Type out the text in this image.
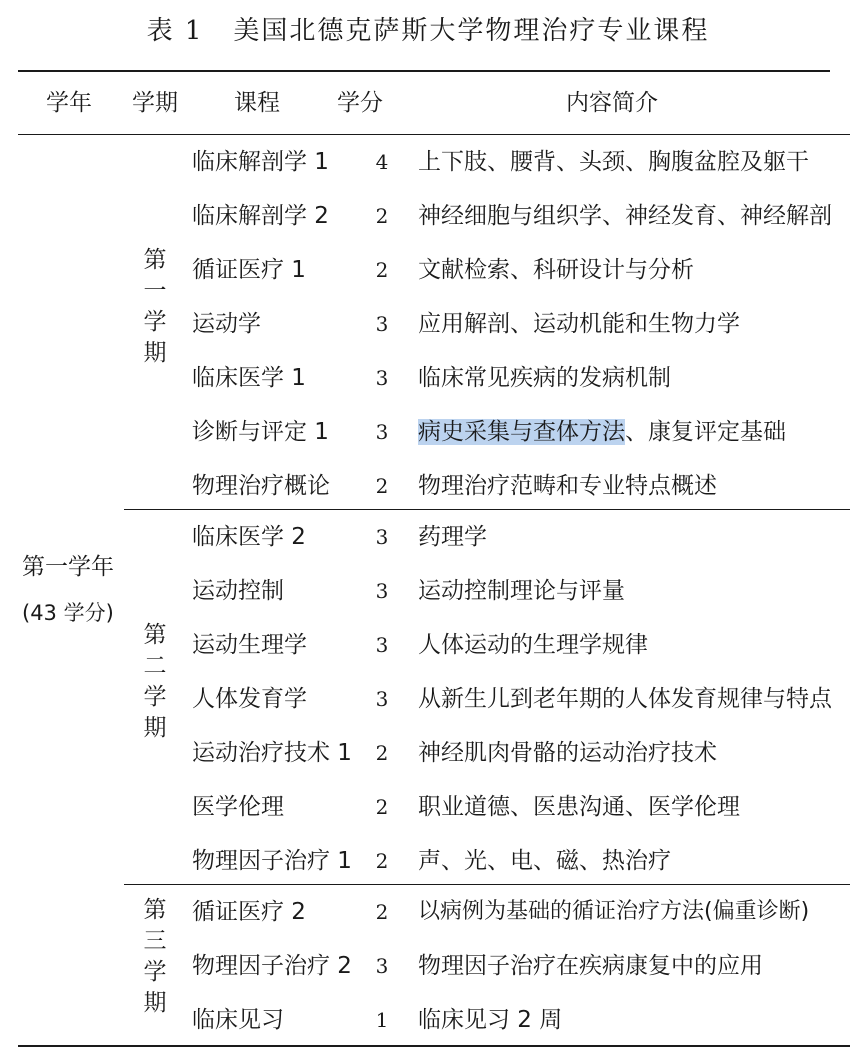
表 1 美国北德克萨斯大学物理治疗专业课程
学年 学期 课程 学分	内容简介
第一学年
(43 学分)
第
一
学
期
临床解剖学 1	4	上下肢、腰背、头颈、胸腹盆腔及躯干
临床解剖学 2	2	神经细胞与组织学、神经发育、神经解剖
循证医疗 1	2	文献检索、科研设计与分析
运动学	3	应用解剖、运动机能和生物力学
临床医学 1	3	临床常见疾病的发病机制
诊断与评定 1	3	病史采集与查体方法、康复评定基础
物理治疗概论	2	物理治疗范畴和专业特点概述
第
二
学
期
临床医学 2	3	药理学
运动控制	3	运动控制理论与评量
运动生理学	3	人体运动的生理学规律
人体发育学	3	从新生儿到老年期的人体发育规律与特点
运动治疗技术 1	2	神经肌肉骨骼的运动治疗技术
医学伦理	2	职业道德、医患沟通、医学伦理
物理因子治疗 1	2	声、光、电、磁、热治疗
第
三
学
期
循证医疗 2	2	以病例为基础的循证治疗方法(偏重诊断)
物理因子治疗 2	3	物理因子治疗在疾病康复中的应用
临床见习	1	临床见习 2 周
